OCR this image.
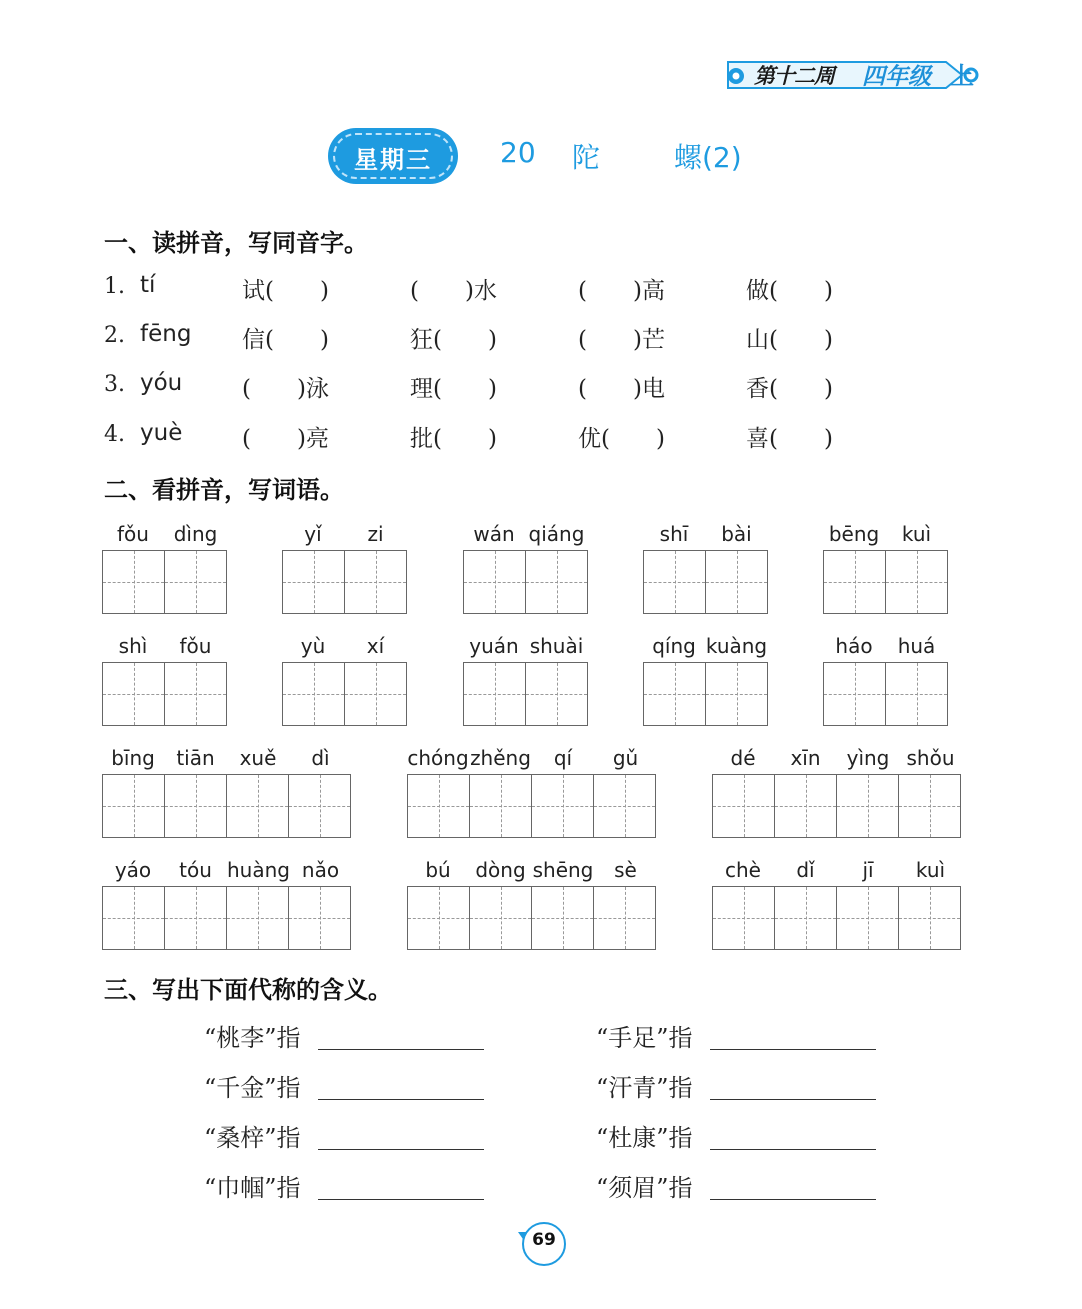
第十二周 四年级 上
星期三	20 陀	螺(2)
一、读拼音，写同音字。
1. tí	试(　　)	(　　)水	(　　)高	做(　　)
2. fēng 信(　　)	狂(　　)	(　　)芒	山(　　)
3. yóu	(　　)泳	理(　　)	(　　)电	香(　　)
4. yuè	(　　)亮	批(　　)	优(　　)	喜(　　)
二、看拼音，写词语。
fǒu	dìng	yǐ	zi	wán qiáng	shī	bài	bēng	kuì
shì	fǒu	yù	xí	yuán shuài	qíng kuàng	háo	huá
bīng	tiān	xuě	dì	chóng zhěng	qí	gǔ	dé	xīn	yìng shǒu
yáo	tóu huàng nǎo	bú	dòng shēng	sè	chè	dǐ	jī	kuì
三、写出下面代称的含义。
“桃李”指
“千金”指
“桑梓”指
“巾帼”指
“手足”指
“汗青”指
“杜康”指
“须眉”指
69
